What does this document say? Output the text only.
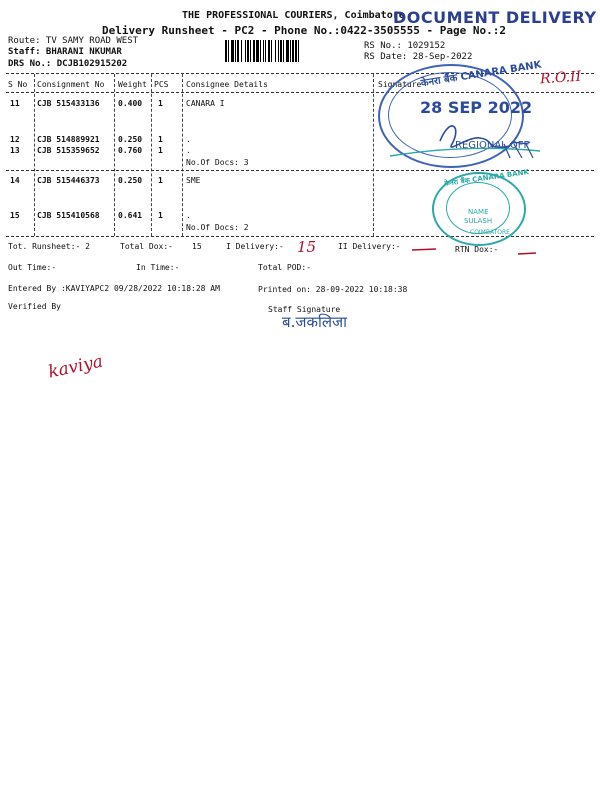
THE PROFESSIONAL COURIERS, Coimbatore
DOCUMENT DELIVERY
Delivery Runsheet - PC2 - Phone No.:0422-3505555 - Page No.:2
Route: TV SAMY ROAD WEST
Staff: BHARANI NKUMAR
DRS No.: DCJB102915202
RS No.: 1029152
RS Date: 28-Sep-2022
S No Consignment No Weight PCS Consignee Details	Signature
11 CJB 515433136 0.400 1	CANARA I
12 CJB 514889921 0.250 1	.
13 CJB 515359652 0.760 1	.
No.Of Docs: 3
14 CJB 515446373 0.250 1	SME
15 CJB 515410568 0.641 1	.
No.Of Docs: 2
Tot. Runsheet:- 2	Total Dox:- 15	I Delivery:- 15	II Delivery:-	RTN Dox:-
Out Time:-	In Time:-	Total POD:-
Entered By :KAVIYAPC2 09/28/2022 10:18:28 AM	Printed on: 28-09-2022 10:18:38
Verified By	Staff Signature
ब.जकलिजा
kaviya
R.O.II
केनरा बैंक CANARA BANK
28 SEP 2022
REGIONAL OFF
केनरा बैंक CANARA BANK
NAME
SULASH
COIMBATORE
